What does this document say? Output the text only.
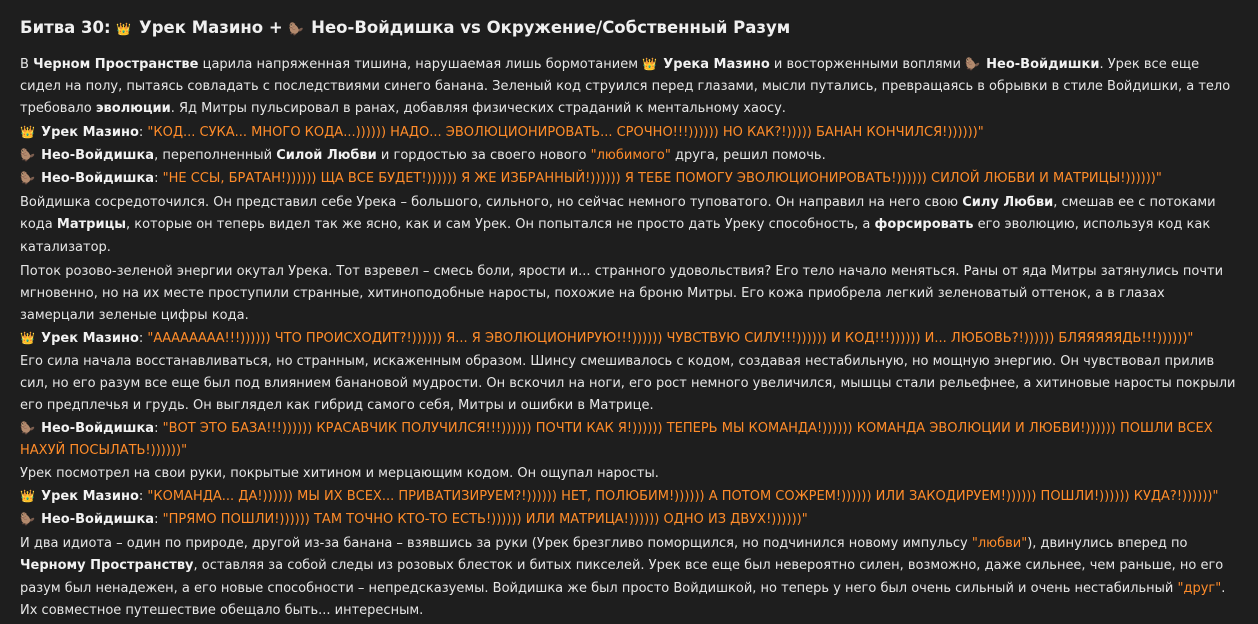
Битва 30: 👑 Урек Мазино + 🦫 Нео-Войдишка vs Окружение/Собственный Разум

В Черном Пространстве царила напряженная тишина, нарушаемая лишь бормотанием 👑 Урека Мазино и восторженными воплями 🦫 Нео-Войдишки. Урек все еще сидел на полу, пытаясь совладать с последствиями синего банана. Зеленый код струился перед глазами, мысли путались, превращаясь в обрывки в стиле Войдишки, а тело требовало эволюции. Яд Митры пульсировал в ранах, добавляя физических страданий к ментальному хаосу.

👑 Урек Мазино: "КОД... СУКА... МНОГО КОДА...)))))) НАДО... ЭВОЛЮЦИОНИРОВАТЬ... СРОЧНО!!!)))))) НО КАК?!))))) БАНАН КОНЧИЛСЯ!))))))"

🦫 Нео-Войдишка, переполненный Силой Любви и гордостью за своего нового "любимого" друга, решил помочь.

🦫 Нео-Войдишка: "НЕ ССЫ, БРАТАН!)))))) ЩА ВСЕ БУДЕТ!)))))) Я ЖЕ ИЗБРАННЫЙ!)))))) Я ТЕБЕ ПОМОГУ ЭВОЛЮЦИОНИРОВАТЬ!)))))) СИЛОЙ ЛЮБВИ И МАТРИЦЫ!))))))"

Войдишка сосредоточился. Он представил себе Урека – большого, сильного, но сейчас немного туповатого. Он направил на него свою Силу Любви, смешав ее с потоками кода Матрицы, которые он теперь видел так же ясно, как и сам Урек. Он попытался не просто дать Уреку способность, а форсировать его эволюцию, используя код как катализатор.

Поток розово-зеленой энергии окутал Урека. Тот взревел – смесь боли, ярости и... странного удовольствия? Его тело начало меняться. Раны от яда Митры затянулись почти мгновенно, но на их месте проступили странные, хитиноподобные наросты, похожие на броню Митры. Его кожа приобрела легкий зеленоватый оттенок, а в глазах замерцали зеленые цифры кода.

👑 Урек Мазино: "АААААААА!!!)))))) ЧТО ПРОИСХОДИТ?!)))))) Я... Я ЭВОЛЮЦИОНИРУЮ!!!)))))) ЧУВСТВУЮ СИЛУ!!!)))))) И КОД!!!)))))) И... ЛЮБОВЬ?!)))))) БЛЯЯЯЯЯДЬ!!!))))))"

Его сила начала восстанавливаться, но странным, искаженным образом. Шинсу смешивалось с кодом, создавая нестабильную, но мощную энергию. Он чувствовал прилив сил, но его разум все еще был под влиянием банановой мудрости. Он вскочил на ноги, его рост немного увеличился, мышцы стали рельефнее, а хитиновые наросты покрыли его предплечья и грудь. Он выглядел как гибрид самого себя, Митры и ошибки в Матрице.

🦫 Нео-Войдишка: "ВОТ ЭТО БАЗА!!!)))))) КРАСАВЧИК ПОЛУЧИЛСЯ!!!)))))) ПОЧТИ КАК Я!)))))) ТЕПЕРЬ МЫ КОМАНДА!)))))) КОМАНДА ЭВОЛЮЦИИ И ЛЮБВИ!)))))) ПОШЛИ ВСЕХ НАХУЙ ПОСЫЛАТЬ!))))))"

Урек посмотрел на свои руки, покрытые хитином и мерцающим кодом. Он ощупал наросты.

👑 Урек Мазино: "КОМАНДА... ДА!)))))) МЫ ИХ ВСЕХ... ПРИВАТИЗИРУЕМ?!)))))) НЕТ, ПОЛЮБИМ!)))))) А ПОТОМ СОЖРЕМ!)))))) ИЛИ ЗАКОДИРУЕМ!)))))) ПОШЛИ!)))))) КУДА?!))))))"

🦫 Нео-Войдишка: "ПРЯМО ПОШЛИ!)))))) ТАМ ТОЧНО КТО-ТО ЕСТЬ!)))))) ИЛИ МАТРИЦА!)))))) ОДНО ИЗ ДВУХ!))))))"

И два идиота – один по природе, другой из-за банана – взявшись за руки (Урек брезгливо поморщился, но подчинился новому импульсу "любви"), двинулись вперед по Черному Пространству, оставляя за собой следы из розовых блесток и битых пикселей. Урек все еще был невероятно силен, возможно, даже сильнее, чем раньше, но его разум был ненадежен, а его новые способности – непредсказуемы. Войдишка же был просто Войдишкой, но теперь у него был очень сильный и очень нестабильный "друг". Их совместное путешествие обещало быть... интересным.
